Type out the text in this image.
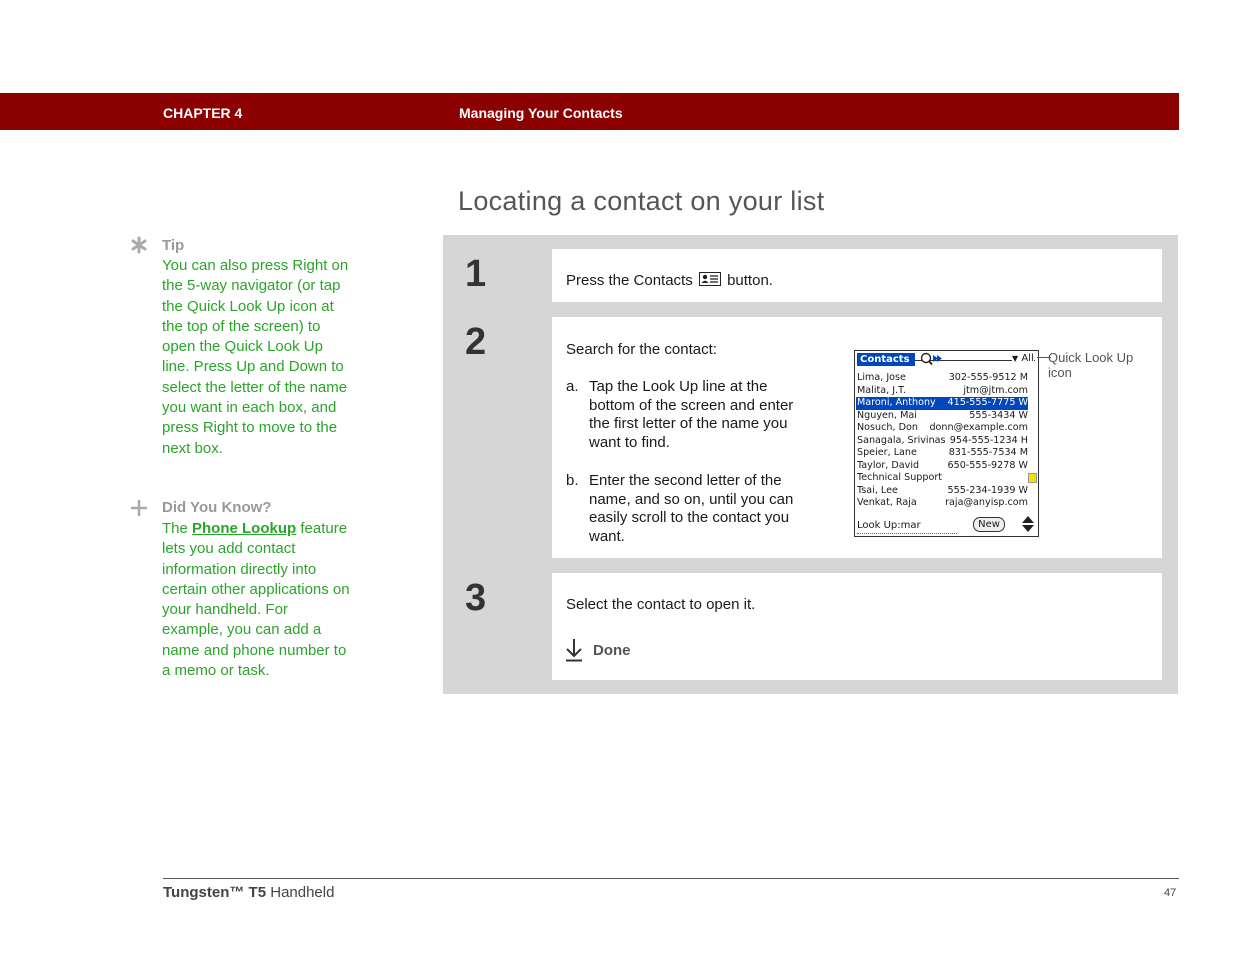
CHAPTER 4	Managing Your Contacts
Locating a contact on your list
Tip
You can also press Right on the 5-way navigator (or tap the Quick Look Up icon at the top of the screen) to open the Quick Look Up line. Press Up and Down to select the letter of the name you want in each box, and press Right to move to the next box.
Did You Know?
The Phone Lookup feature lets you add contact information directly into certain other applications on your handheld. For example, you can add a name and phone number to a memo or task.
1	Press the Contacts button.
2	Search for the contact:
a. Tap the Look Up line at the bottom of the screen and enter the first letter of the name you want to find.
b. Enter the second letter of the name, and so on, until you can easily scroll to the contact you want.
Contacts	▼ All
Lima, Jose	302-555-9512 M
Malita, J.T.	jtm@jtm.com
Maroni, Anthony 415-555-7775 W
Nguyen, Mai	555-3434 W
Nosuch, Don donn@example.com
Sanagala, Srivinas 954-555-1234 H
Speier, Lane	831-555-7534 M
Taylor, David	650-555-9278 W
Technical Support
Tsai, Lee	555-234-1939 W
Venkat, Raja	raja@anyisp.com
Look Up:mar	New
Quick Look Up icon
3	Select the contact to open it.
Done
Tungsten™ T5 Handheld	47
